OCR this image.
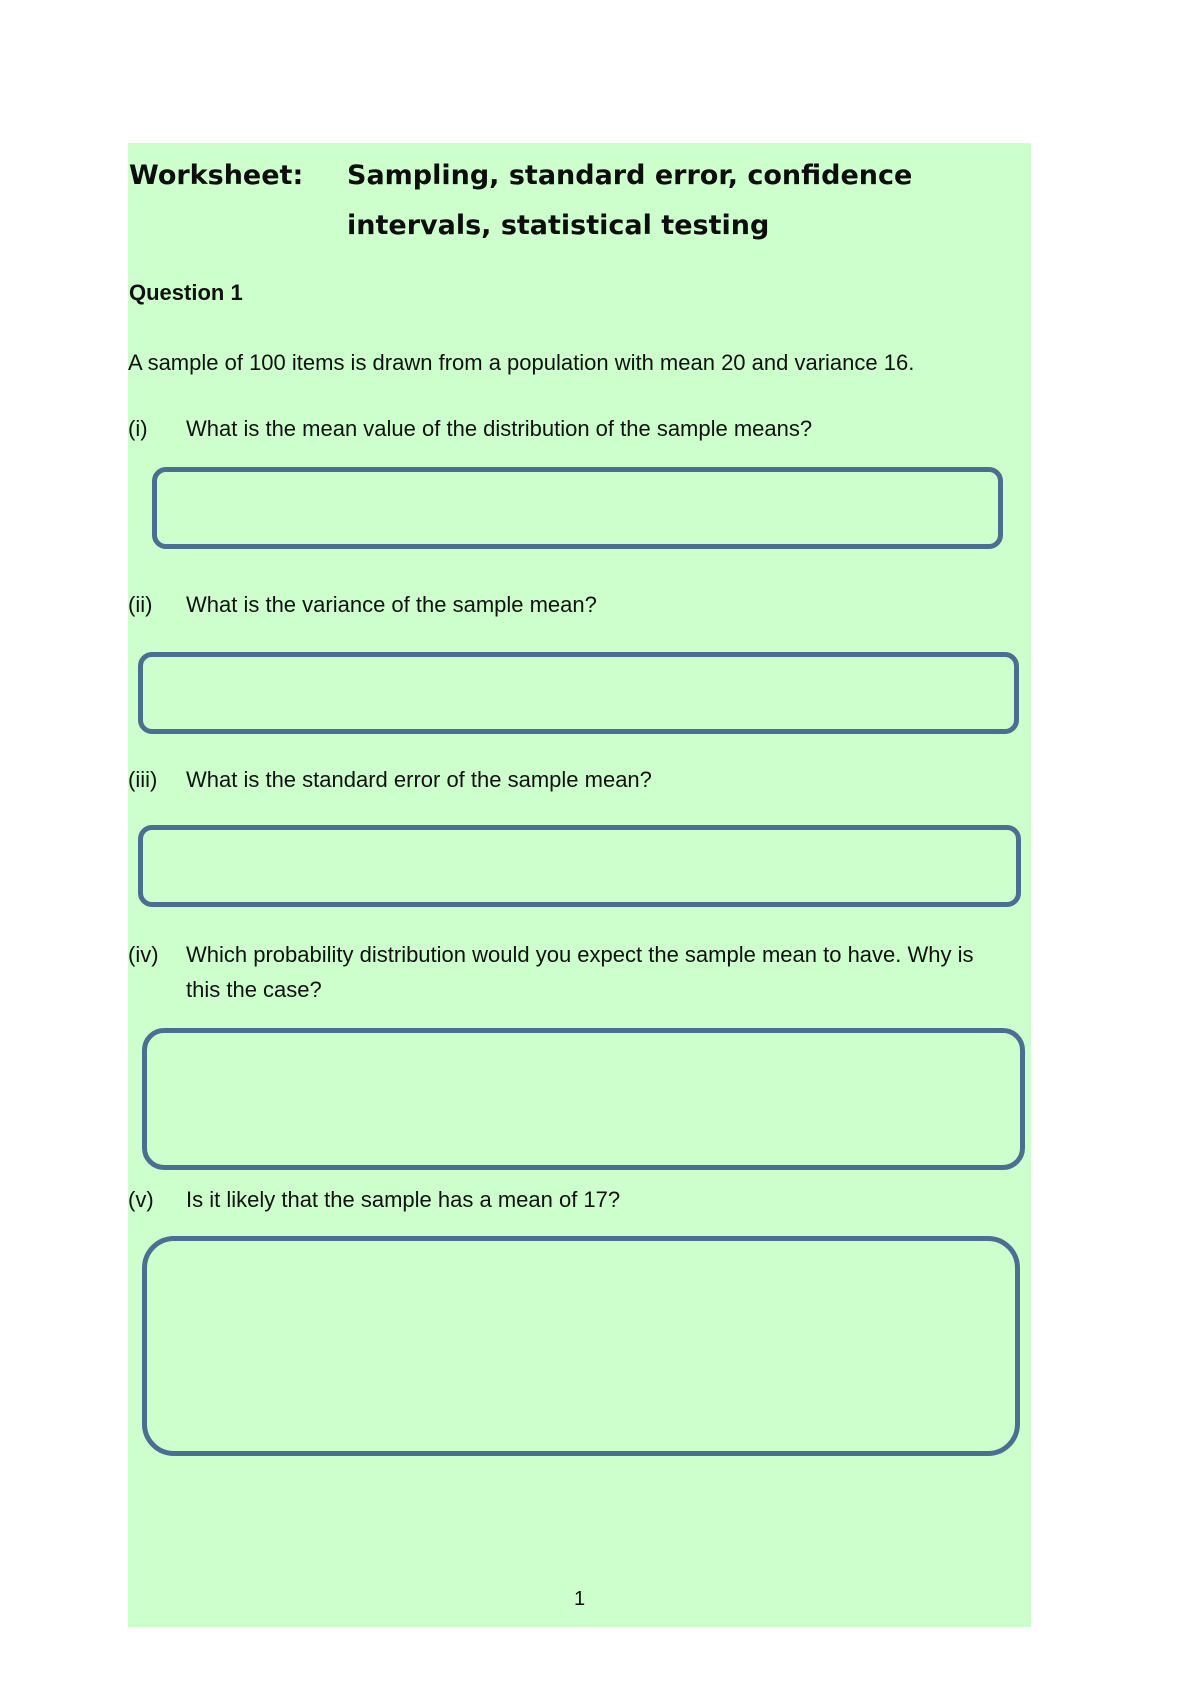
Worksheet: Sampling, standard error, confidence
intervals, statistical testing
Question 1
A sample of 100 items is drawn from a population with mean 20 and variance 16.
(i) What is the mean value of the distribution of the sample means?
(ii) What is the variance of the sample mean?
(iii) What is the standard error of the sample mean?
(iv) Which probability distribution would you expect the sample mean to have. Why is this the case?
(v) Is it likely that the sample has a mean of 17?
1
